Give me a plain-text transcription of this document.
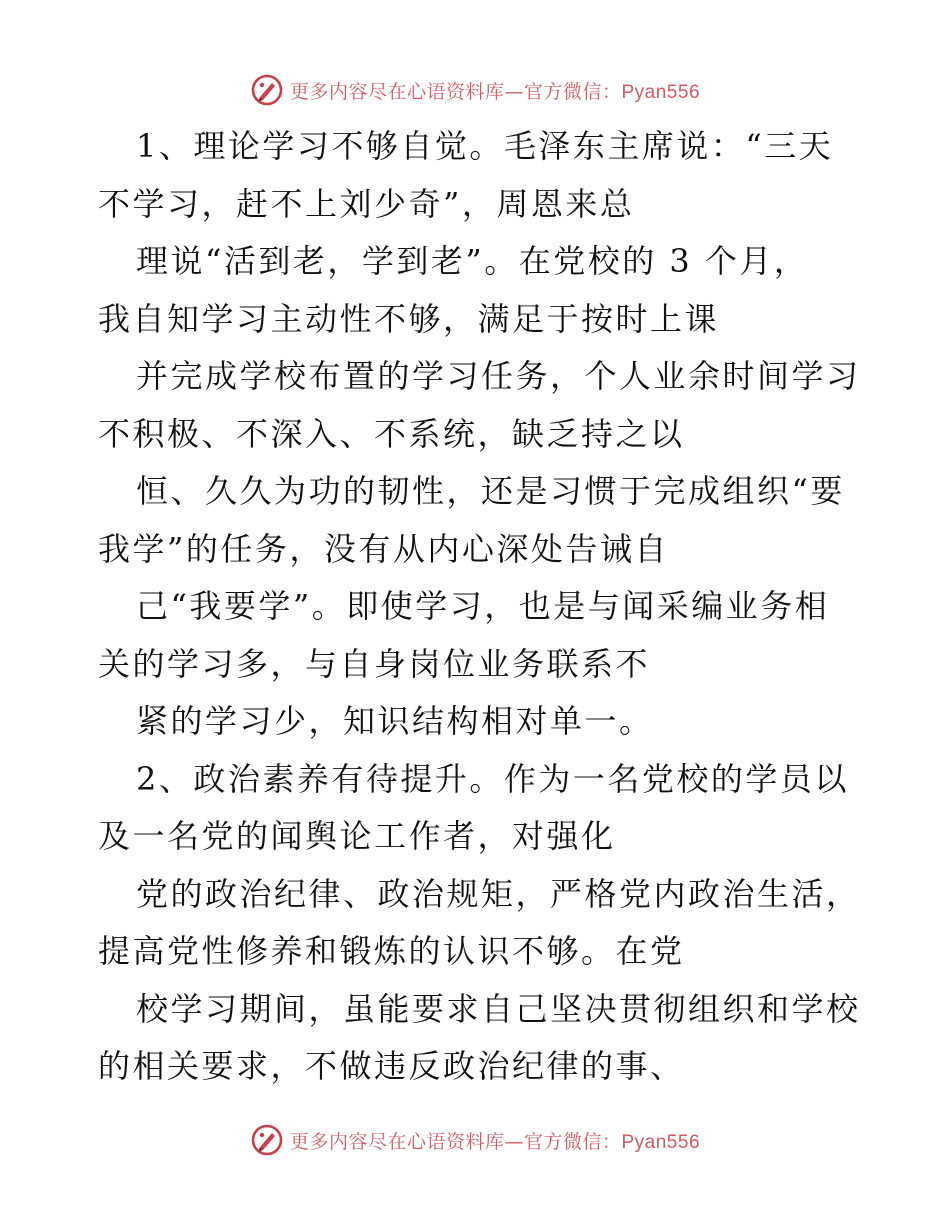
更多内容尽在心语资料库—官方微信：Pyan556
1、理论学习不够自觉。毛泽东主席说：“三天
不学习，赶不上刘少奇”，周恩来总
理说“活到老，学到老”。在党校的 3 个月，
我自知学习主动性不够，满足于按时上课
并完成学校布置的学习任务，个人业余时间学习
不积极、不深入、不系统，缺乏持之以
恒、久久为功的韧性，还是习惯于完成组织“要
我学”的任务，没有从内心深处告诫自
己“我要学”。即使学习，也是与闻采编业务相
关的学习多，与自身岗位业务联系不
紧的学习少，知识结构相对单一。
2、政治素养有待提升。作为一名党校的学员以
及一名党的闻舆论工作者，对强化
党的政治纪律、政治规矩，严格党内政治生活，
提高党性修养和锻炼的认识不够。在党
校学习期间，虽能要求自己坚决贯彻组织和学校
的相关要求，不做违反政治纪律的事、
更多内容尽在心语资料库—官方微信：Pyan556
